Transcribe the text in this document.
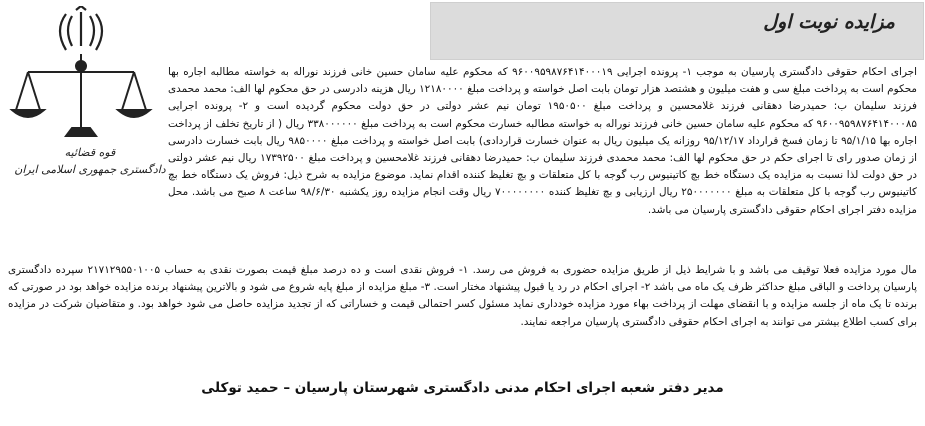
مزایده نوبت اول
قوه قضائیه
دادگستری جمهوری اسلامی ایران

اجرای احکام حقوقی دادگستری پارسیان به موجب ۱- پرونده اجرایی ۹۶۰۰۹۵۹۸۷۶۴۱۴۰۰۰۱۹ که محکوم علیه سامان حسین خانی فرزند نوراله به خواسته مطالبه اجاره بها محکوم است به پرداخت مبلغ سی و هفت میلیون و هشتصد هزار تومان بابت اصل خواسته و پرداخت مبلغ ۱۲۱۸۰۰۰۰ ریال هزینه دادرسی در حق محکوم لها الف: محمد محمدی فرزند سلیمان ب: حمیدرضا دهقانی فرزند غلامحسین و پرداخت مبلغ ۱۹۵۰۵۰۰ تومان نیم عشر دولتی در حق دولت محکوم گردیده است و ۲- پرونده اجرایی ۹۶۰۰۹۵۹۸۷۶۴۱۴۰۰۰۸۵ که محکوم علیه سامان حسین خانی فرزند نوراله به خواسته مطالبه خسارت محکوم است به پرداخت مبلغ ۳۳۸۰۰۰۰۰۰ ریال ( از تاریخ تخلف از پرداخت اجاره بها ۹۵/۱/۱۵ تا زمان فسخ قرارداد ۹۵/۱۲/۱۷ روزانه یک میلیون ریال به عنوان خسارت قراردادی) بابت اصل خواسته و پرداخت مبلغ ۹۸۵۰۰۰۰ ریال بابت خسارت دادرسی از زمان صدور رای تا اجرای حکم در حق محکوم لها الف: محمد محمدی فرزند سلیمان ب: حمیدرضا دهقانی فرزند غلامحسین و پرداخت مبلغ ۱۷۳۹۲۵۰۰ ریال نیم عشر دولتی در حق دولت لذا نسبت به مزایده یک دستگاه خط بچ کاتینیوس رب گوجه با کل متعلقات و بچ تغلیظ کننده اقدام نماید. موضوع مزایده به شرح ذیل: فروش یک دستگاه خط بچ کاتینیوس رب گوجه با کل متعلقات به مبلغ ۲۵۰۰۰۰۰۰۰ ریال ارزیابی و بچ تغلیظ کننده ۷۰۰۰۰۰۰۰۰ ریال وقت انجام مزایده روز یکشنبه ۹۸/۶/۳۰ ساعت ۸ صبح می باشد. محل مزایده دفتر اجرای احکام حقوقی دادگستری پارسیان می باشد.

مال مورد مزایده فعلا توقیف می باشد و با شرایط ذیل از طریق مزایده حضوری به فروش می رسد. ۱- فروش نقدی است و ده درصد مبلغ قیمت بصورت نقدی به حساب ۲۱۷۱۲۹۵۵۰۱۰۰۵ سپرده دادگستری پارسیان پرداخت و الباقی مبلغ حداکثر ظرف یک ماه می باشد ۲- اجرای احکام در رد یا قبول پیشنهاد مختار است. ۳- مبلغ مزایده از مبلغ پایه شروع می شود و بالاترین پیشنهاد برنده مزایده خواهد بود در صورتی که برنده تا یک ماه از جلسه مزایده و با انقضای مهلت از پرداخت بهاء مورد مزایده خودداری نماید مسئول کسر احتمالی قیمت و خساراتی که از تجدید مزایده حاصل می شود خواهد بود. و متقاضیان شرکت در مزایده برای کسب اطلاع بیشتر می توانند به اجرای احکام حقوقی دادگستری پارسیان مراجعه نمایند.

مدیر دفتر شعبه اجرای احکام مدنی دادگستری شهرستان پارسیان – حمید توکلی
